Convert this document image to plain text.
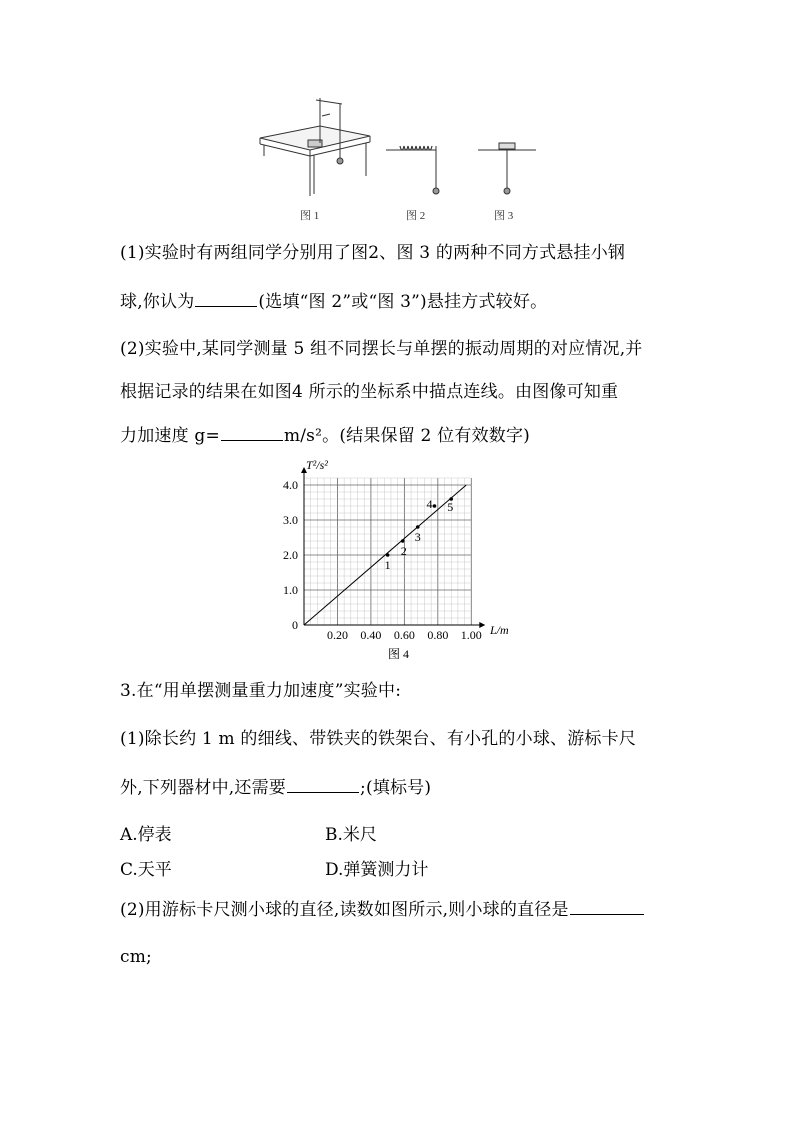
图 1	图 2	图 3
(1)实验时有两组同学分别用了图2、图 3 的两种不同方式悬挂小钢
球,你认为	(选填“图 2”或“图 3”)悬挂方式较好。
(2)实验中,某同学测量 5 组不同摆长与单摆的振动周期的对应情况,并
根据记录的结果在如图4 所示的坐标系中描点连线。由图像可知重
力加速度 g=	m/s²。(结果保留 2 位有效数字)
0.20 0.40 0.60 0.80 1.00
0
1.0
2.0
3.0
4.0
1
2
3
4 5
T²/s²
L/m
图 4
3.在“用单摆测量重力加速度”实验中:
(1)除长约 1 m 的细线、带铁夹的铁架台、有小孔的小球、游标卡尺
外,下列器材中,还需要	;(填标号)
A.停表	B.米尺
C.天平	D.弹簧测力计
(2)用游标卡尺测小球的直径,读数如图所示,则小球的直径是
cm;
